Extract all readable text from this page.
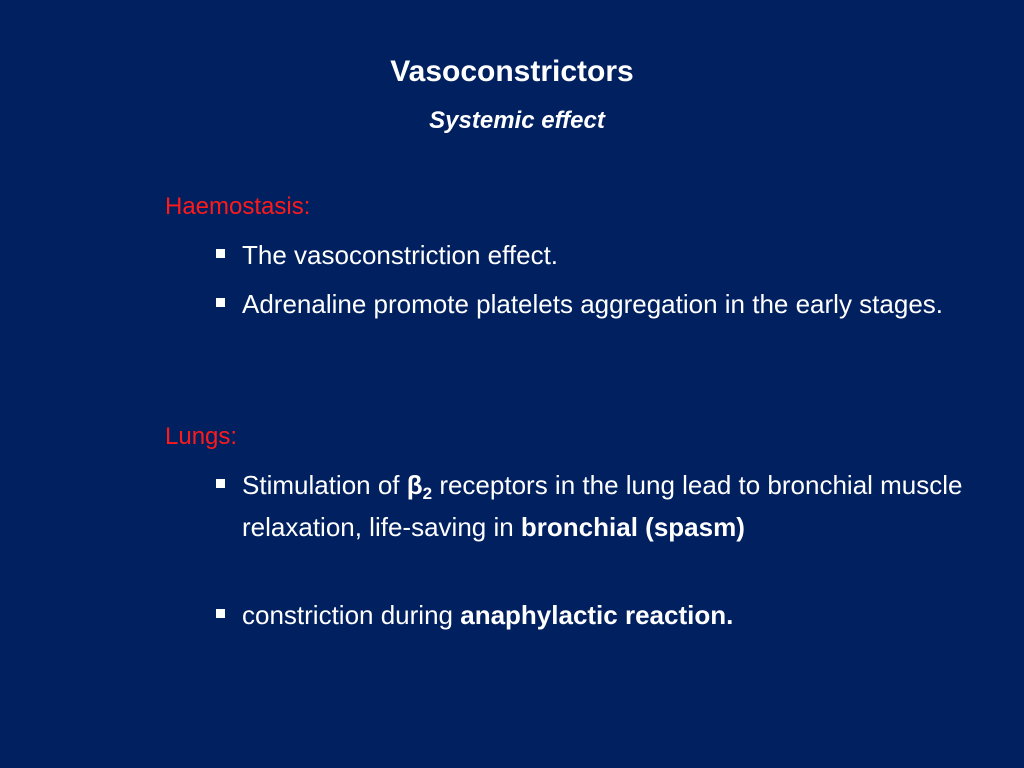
Vasoconstrictors
Systemic effect
Haemostasis:
The vasoconstriction effect.
Adrenaline promote platelets aggregation in the early stages.
Lungs:
Stimulation of $\beta_2$ receptors in the lung lead to bronchial muscle relaxation, life-saving in bronchial (spasm)
constriction during anaphylactic reaction.
